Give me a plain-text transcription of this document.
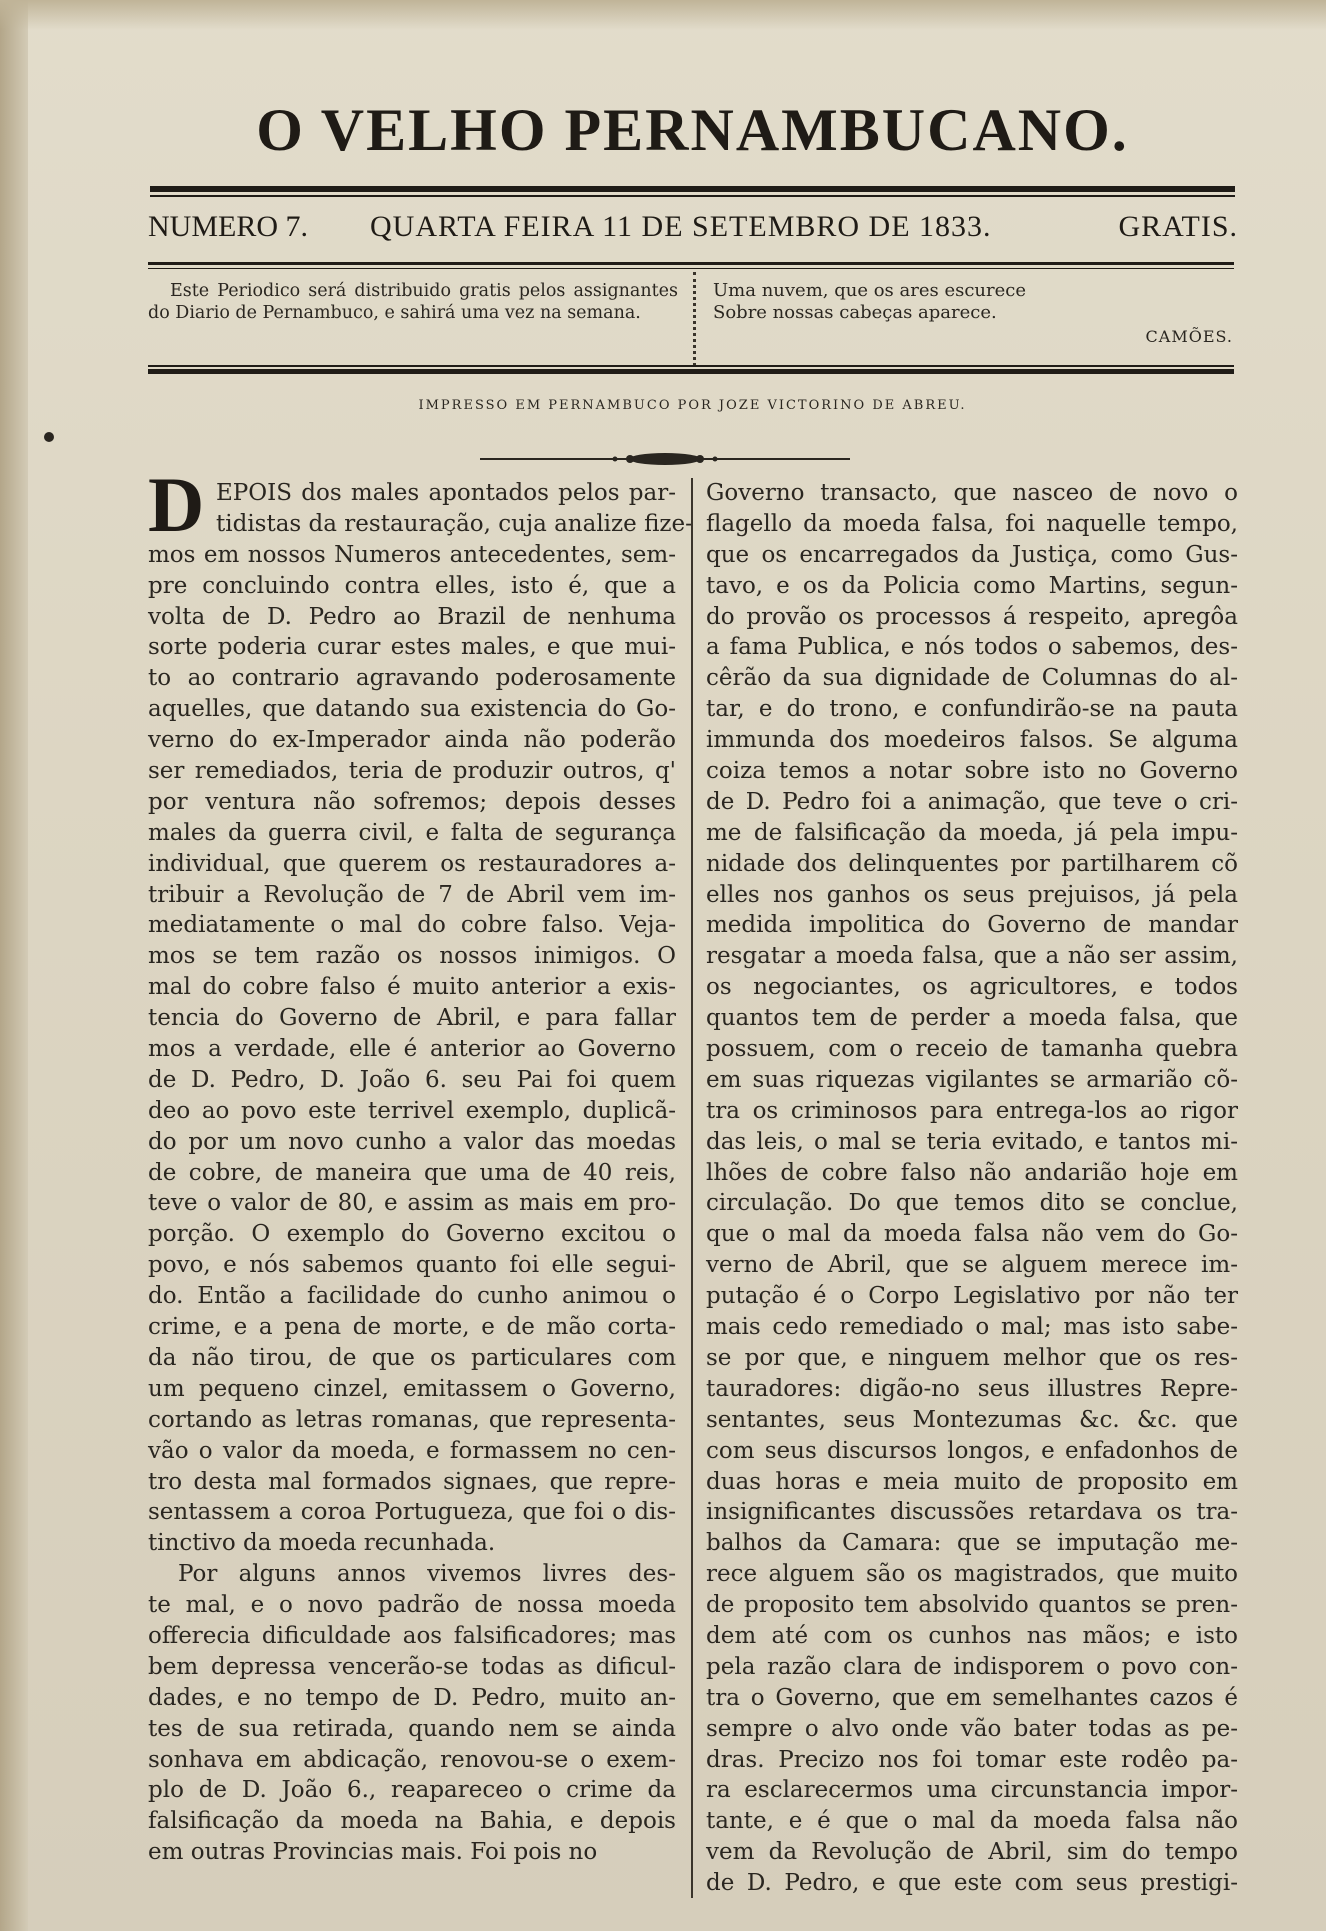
O VELHO PERNAMBUCANO.
NUMERO 7. QUARTA FEIRA 11 DE SETEMBRO DE 1833.	GRATIS.
Este Periodico será distribuido gratis pelos assignantes do Diario de Pernambuco, e sahirá uma vez na semana.
Uma nuvem, que os ares escurece
Sobre nossas cabeças aparece.
CAMÕES.
IMPRESSO EM PERNAMBUCO POR JOZE VICTORINO DE ABREU.
D EPOIS dos males apontados pelos par-
tidistas da restauração, cuja analize fize-
mos em nossos Numeros antecedentes, sem-
pre concluindo contra elles, isto é, que a
volta de D. Pedro ao Brazil de nenhuma
sorte poderia curar estes males, e que mui-
to ao contrario agravando poderosamente
aquelles, que datando sua existencia do Go-
verno do ex-Imperador ainda não poderão
ser remediados, teria de produzir outros, q'
por ventura não sofremos; depois desses
males da guerra civil, e falta de segurança
individual, que querem os restauradores a-
tribuir a Revolução de 7 de Abril vem im-
mediatamente o mal do cobre falso. Veja-
mos se tem razão os nossos inimigos. O
mal do cobre falso é muito anterior a exis-
tencia do Governo de Abril, e para fallar
mos a verdade, elle é anterior ao Governo
de D. Pedro, D. João 6. seu Pai foi quem
deo ao povo este terrivel exemplo, duplicã-
do por um novo cunho a valor das moedas
de cobre, de maneira que uma de 40 reis,
teve o valor de 80, e assim as mais em pro-
porção. O exemplo do Governo excitou o
povo, e nós sabemos quanto foi elle segui-
do. Então a facilidade do cunho animou o
crime, e a pena de morte, e de mão corta-
da não tirou, de que os particulares com
um pequeno cinzel, emitassem o Governo,
cortando as letras romanas, que representa-
vão o valor da moeda, e formassem no cen-
tro desta mal formados signaes, que repre-
sentassem a coroa Portugueza, que foi o dis-
tinctivo da moeda recunhada.
Por alguns annos vivemos livres des-
te mal, e o novo padrão de nossa moeda
offerecia dificuldade aos falsificadores; mas
bem depressa vencerão-se todas as dificul-
dades, e no tempo de D. Pedro, muito an-
tes de sua retirada, quando nem se ainda
sonhava em abdicação, renovou-se o exem-
plo de D. João 6., reapareceo o crime da
falsificação da moeda na Bahia, e depois
em outras Provincias mais. Foi pois no
Governo transacto, que nasceo de novo o
flagello da moeda falsa, foi naquelle tempo,
que os encarregados da Justiça, como Gus-
tavo, e os da Policia como Martins, segun-
do provão os processos á respeito, apregôa
a fama Publica, e nós todos o sabemos, des-
cêrão da sua dignidade de Columnas do al-
tar, e do trono, e confundirão-se na pauta
immunda dos moedeiros falsos. Se alguma
coiza temos a notar sobre isto no Governo
de D. Pedro foi a animação, que teve o cri-
me de falsificação da moeda, já pela impu-
nidade dos delinquentes por partilharem cõ
elles nos ganhos os seus prejuisos, já pela
medida impolitica do Governo de mandar
resgatar a moeda falsa, que a não ser assim,
os negociantes, os agricultores, e todos
quantos tem de perder a moeda falsa, que
possuem, com o receio de tamanha quebra
em suas riquezas vigilantes se armarião cõ-
tra os criminosos para entrega-los ao rigor
das leis, o mal se teria evitado, e tantos mi-
lhões de cobre falso não andarião hoje em
circulação. Do que temos dito se conclue,
que o mal da moeda falsa não vem do Go-
verno de Abril, que se alguem merece im-
putação é o Corpo Legislativo por não ter
mais cedo remediado o mal; mas isto sabe-
se por que, e ninguem melhor que os res-
tauradores: digão-no seus illustres Repre-
sentantes, seus Montezumas &c. &c. que
com seus discursos longos, e enfadonhos de
duas horas e meia muito de proposito em
insignificantes discussões retardava os tra-
balhos da Camara: que se imputação me-
rece alguem são os magistrados, que muito
de proposito tem absolvido quantos se pren-
dem até com os cunhos nas mãos; e isto
pela razão clara de indisporem o povo con-
tra o Governo, que em semelhantes cazos é
sempre o alvo onde vão bater todas as pe-
dras. Precizo nos foi tomar este rodêo pa-
ra esclarecermos uma circunstancia impor-
tante, e é que o mal da moeda falsa não
vem da Revolução de Abril, sim do tempo
de D. Pedro, e que este com seus prestigi-
